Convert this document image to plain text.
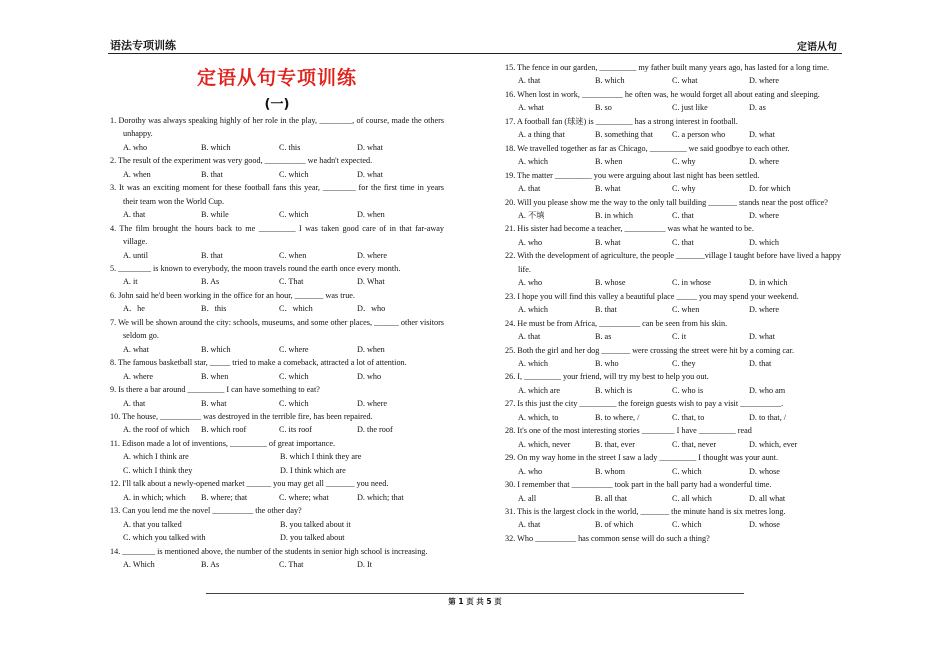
语法专项训练	定语从句
定语从句专项训练
(一)
1. Dorothy was always speaking highly of her role in the play, ________, of course, made the others unhappy.
A. who	B. which	C. this	D. what
2. The result of the experiment was very good, __________ we hadn't expected.
A. when	B. that	C. which	D. what
3. It was an exciting moment for these football fans this year, ________ for the first time in years their team won the World Cup.
A. that	B. while	C. which	D. when
4. The film brought the hours back to me _________ I was taken good care of in that far-away village.
A. until	B. that	C. when	D. where
5. ________ is known to everybody, the moon travels round the earth once every month.
A. it	B. As	C. That	D. What
6. John said he'd been working in the office for an hour, _______ was true.
A．he	B．this	C．which	D．who
7. We will be shown around the city: schools, museums, and some other places, ______ other visitors seldom go.
A. what	B. which	C. where	D. when
8. The famous basketball star, _____ tried to make a comeback, attracted a lot of attention.
A. where	B. when	C. which	D. who
9. Is there a bar around _________ I can have something to eat?
A. that	B. what	C. which	D. where
10. The house, __________ was destroyed in the terrible fire, has been repaired.
A. the roof of which	B. which roof	C. its roof	D. the roof
11. Edison made a lot of inventions, _________ of great importance.
A. which I think are	B. which I think they are
C. which I think they	D. I think which are
12. I'll talk about a newly-opened market ______ you may get all _______ you need.
A. in which; which	B. where; that	C. where; what	D. which; that
13. Can you lend me the novel __________ the other day?
A. that you talked	B. you talked about it
C. which you talked with	D. you talked about
14. ________ is mentioned above, the number of the students in senior high school is increasing.
A. Which	B. As	C. That	D. It
15. The fence in our garden, _________ my father built many years ago, has lasted for a long time.
A. that	B. which	C. what	D. where
16. When lost in work, __________ he often was, he would forget all about eating and sleeping.
A. what	B. so	C. just like	D. as
17. A football fan (球迷) is _________ has a strong interest in football.
A. a thing that	B. something that	C. a person who	D. what
18. We travelled together as far as Chicago, _________ we said goodbye to each other.
A. which	B. when	C. why	D. where
19. The matter _________ you were arguing about last night has been settled.
A. that	B. what	C. why	D. for which
20. Will you please show me the way to the only tall building _______ stands near the post office?
A. 不填	B. in which	C. that	D. where
21. His sister had become a teacher, __________ was what he wanted to be.
A. who	B. what	C. that	D. which
22. With the development of agriculture, the people _______village I taught before have lived a happy life.
A. who	B. whose	C. in whose	D. in which
23. I hope you will find this valley a beautiful place _____ you may spend your weekend.
A. which	B. that	C. when	D. where
24. He must be from Africa, __________ can be seen from his skin.
A. that	B. as	C. it	D. what
25. Both the girl and her dog _______ were crossing the street were hit by a coming car.
A. which	B. who	C. they	D. that
26. I, _________ your friend, will try my best to help you out.
A. which are	B. which is	C. who is	D. who am
27. Is this just the city _________ the foreign guests wish to pay a visit __________.
A. which, to	B. to where, /	C. that, to	D. to that, /
28. It's one of the most interesting stories ________ I have _________ read
A. which, never	B. that, ever	C. that, never	D. which, ever
29. On my way home in the street I saw a lady _________ I thought was your aunt.
A. who	B. whom	C. which	D. whose
30. I remember that __________ took part in the ball party had a wonderful time.
A. all	B. all that	C. all which	D. all what
31. This is the largest clock in the world, _______ the minute hand is six metres long.
A. that	B. of which	C. which	D. whose
32. Who __________ has common sense will do such a thing?
第 1 页 共 5 页
